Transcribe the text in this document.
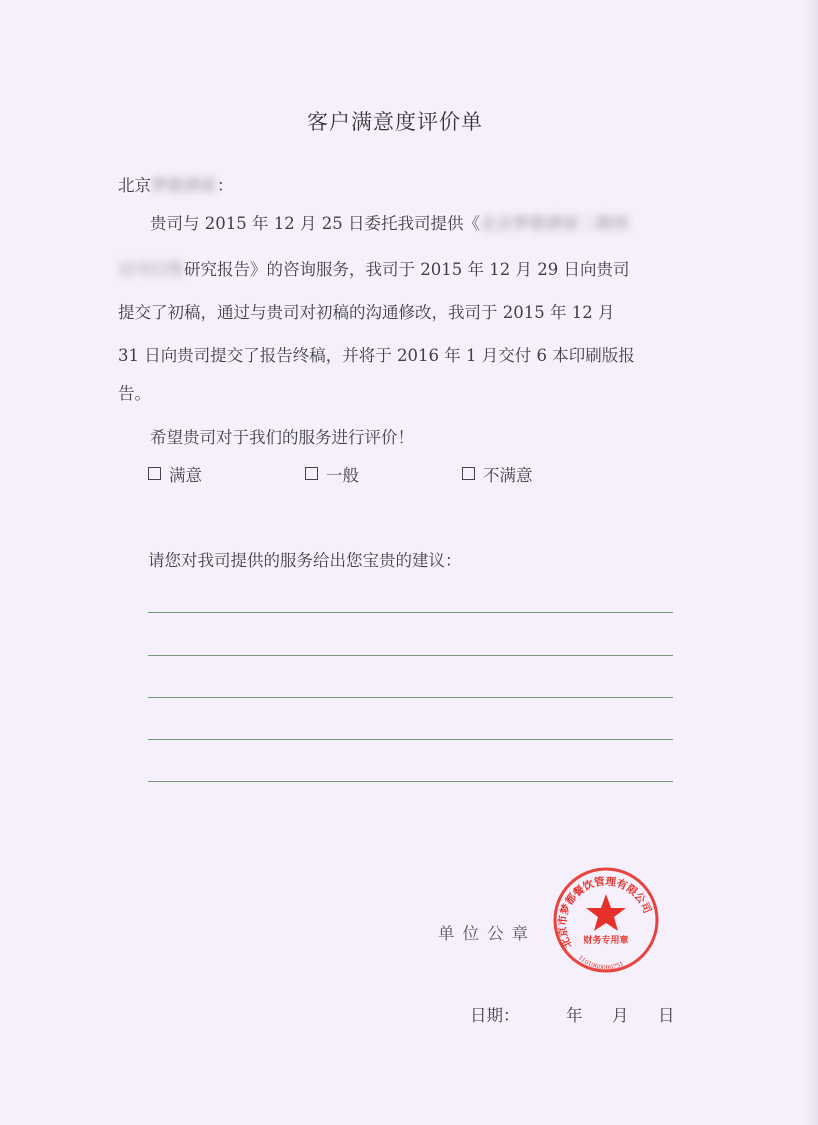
客户满意度评价单
北京梦都酒家：
贵司与 2015 年 12 月 25 日委托我司提供《北京梦都酒家二期项
目可行性研究报告》的咨询服务，我司于 2015 年 12 月 29 日向贵司
提交了初稿，通过与贵司对初稿的沟通修改，我司于 2015 年 12 月
31 日向贵司提交了报告终稿，并将于 2016 年 1 月交付 6 本印刷版报
告。
希望贵司对于我们的服务进行评价！
满意	一般	不满意
请您对我司提供的服务给出您宝贵的建议：
单位公章	北京市梦都餐饮管理有限公司
财务专用章
1101060000751
日期：	年 月 日
